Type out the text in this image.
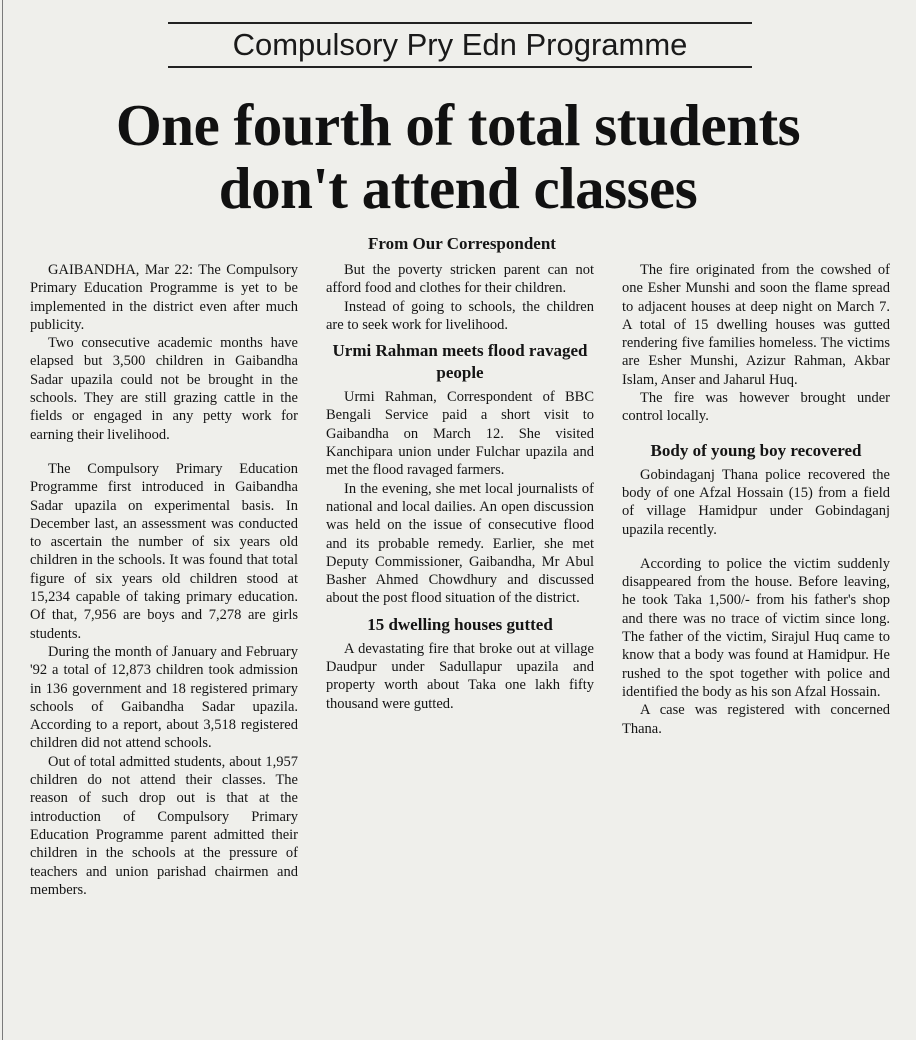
Compulsory Pry Edn Programme
One fourth of total students
don't attend classes
From Our Correspondent

GAIBANDHA, Mar 22: The Compulsory Primary Education Programme is yet to be implemented in the district even after much publicity.

Two consecutive academic months have elapsed but 3,500 children in Gaibandha Sadar upazila could not be brought in the schools. They are still grazing cattle in the fields or engaged in any petty work for earning their livelihood.

The Compulsory Primary Education Programme first introduced in Gaibandha Sadar upazila on experimental basis. In December last, an assessment was conducted to ascertain the number of six years old children in the schools. It was found that total figure of six years old children stood at 15,234 capable of taking primary education. Of that, 7,956 are boys and 7,278 are girls students.

During the month of January and February '92 a total of 12,873 children took admission in 136 government and 18 registered primary schools of Gaibandha Sadar upazila. According to a report, about 3,518 registered children did not attend schools.

Out of total admitted students, about 1,957 children do not attend their classes. The reason of such drop out is that at the introduction of Compulsory Primary Education Programme parent admitted their children in the schools at the pressure of teachers and union parishad chairmen and members.

But the poverty stricken parent can not afford food and clothes for their children.

Instead of going to schools, the children are to seek work for livelihood.

Urmi Rahman meets flood ravaged people

Urmi Rahman, Correspondent of BBC Bengali Service paid a short visit to Gaibandha on March 12. She visited Kanchipara union under Fulchar upazila and met the flood ravaged farmers.

In the evening, she met local journalists of national and local dailies. An open discussion was held on the issue of consecutive flood and its probable remedy. Earlier, she met Deputy Commissioner, Gaibandha, Mr Abul Basher Ahmed Chowdhury and discussed about the post flood situation of the district.

15 dwelling houses gutted

A devastating fire that broke out at village Daudpur under Sadullapur upazila and property worth about Taka one lakh fifty thousand were gutted.

The fire originated from the cowshed of one Esher Munshi and soon the flame spread to adjacent houses at deep night on March 7. A total of 15 dwelling houses was gutted rendering five families homeless. The victims are Esher Munshi, Azizur Rahman, Akbar Islam, Anser and Jaharul Huq.

The fire was however brought under control locally.

Body of young boy recovered

Gobindaganj Thana police recovered the body of one Afzal Hossain (15) from a field of village Hamidpur under Gobindaganj upazila recently.

According to police the victim suddenly disappeared from the house. Before leaving, he took Taka 1,500/- from his father's shop and there was no trace of victim since long. The father of the victim, Sirajul Huq came to know that a body was found at Hamidpur. He rushed to the spot together with police and identified the body as his son Afzal Hossain.

A case was registered with concerned Thana.
